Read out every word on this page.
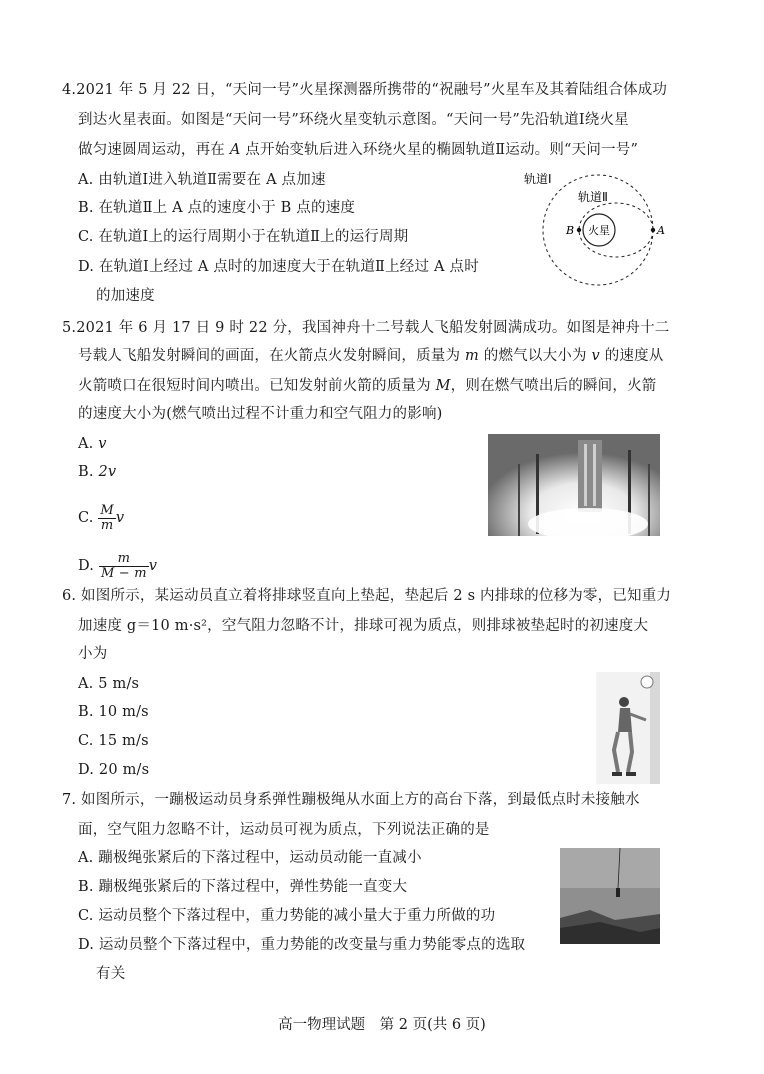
4.2021 年 5 月 22 日，“天问一号”火星探测器所携带的“祝融号”火星车及其着陆组合体成功
到达火星表面。如图是“天问一号”环绕火星变轨示意图。“天问一号”先沿轨道Ⅰ绕火星
做匀速圆周运动，再在 A 点开始变轨后进入环绕火星的椭圆轨道Ⅱ运动。则“天问一号”
A. 由轨道Ⅰ进入轨道Ⅱ需要在 A 点加速
B. 在轨道Ⅱ上 A 点的速度小于 B 点的速度
C. 在轨道Ⅰ上的运行周期小于在轨道Ⅱ上的运行周期
D. 在轨道Ⅰ上经过 A 点时的加速度大于在轨道Ⅱ上经过 A 点时
的加速度
轨道Ⅰ
轨道Ⅱ
火星
B	A
5.2021 年 6 月 17 日 9 时 22 分，我国神舟十二号载人飞船发射圆满成功。如图是神舟十二
号载人飞船发射瞬间的画面，在火箭点火发射瞬间，质量为 m 的燃气以大小为 v 的速度从
火箭喷口在很短时间内喷出。已知发射前火箭的质量为 M，则在燃气喷出后的瞬间，火箭
的速度大小为(燃气喷出过程不计重力和空气阻力的影响)
A. v
B. 2v
C. $\frac{M}{m}$ v
D. $\frac{m}{M - m}$ v
6. 如图所示，某运动员直立着将排球竖直向上垫起，垫起后 2 s 内排球的位移为零，已知重力
加速度 g＝10 m·s²，空气阻力忽略不计，排球可视为质点，则排球被垫起时的初速度大
小为
A. 5 m/s
B. 10 m/s
C. 15 m/s
D. 20 m/s
7. 如图所示，一蹦极运动员身系弹性蹦极绳从水面上方的高台下落，到最低点时未接触水
面，空气阻力忽略不计，运动员可视为质点，下列说法正确的是
A. 蹦极绳张紧后的下落过程中，运动员动能一直减小
B. 蹦极绳张紧后的下落过程中，弹性势能一直变大
C. 运动员整个下落过程中，重力势能的减小量大于重力所做的功
D. 运动员整个下落过程中，重力势能的改变量与重力势能零点的选取
有关
高一物理试题　第 2 页(共 6 页)
